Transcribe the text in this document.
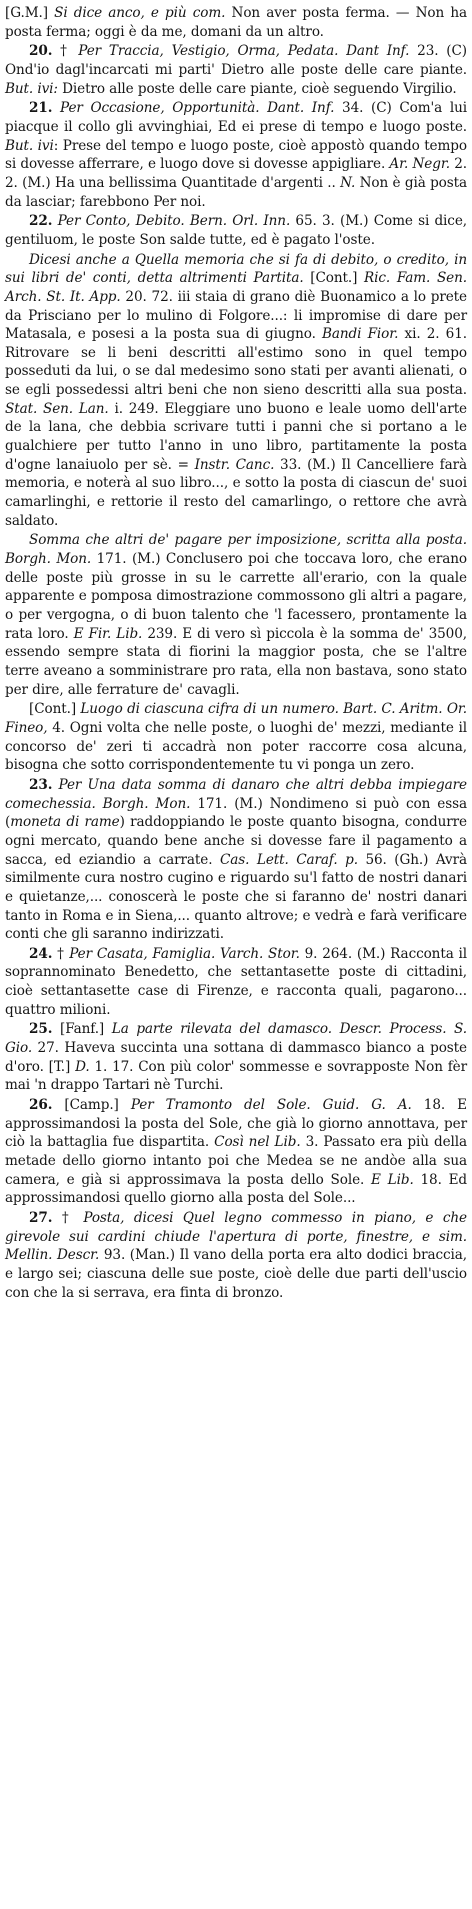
[G.M.] Si dice anco, e più com. Non aver posta ferma. — Non ha posta ferma; oggi è da me, domani da un altro.

20. † Per Traccia, Vestigio, Orma, Pedata. Dant Inf. 23. (C) Ond'io dagl'incarcati mi parti' Dietro alle poste delle care piante. But. ivi: Dietro alle poste delle care piante, cioè seguendo Virgilio.

21. Per Occasione, Opportunità. Dant. Inf. 34. (C) Com'a lui piacque il collo gli avvinghiai, Ed ei prese di tempo e luogo poste. But. ivi: Prese del tempo e luogo poste, cioè appostò quando tempo si dovesse afferrare, e luogo dove si dovesse appigliare. Ar. Negr. 2. 2. (M.) Ha una bellissima Quantitade d'argenti .. N. Non è già posta da lasciar; farebbono Per noi.

22. Per Conto, Debito. Bern. Orl. Inn. 65. 3. (M.) Come si dice, gentiluom, le poste Son salde tutte, ed è pagato l'oste.

Dicesi anche a Quella memoria che si fa di debito, o credito, in sui libri de' conti, detta altrimenti Partita. [Cont.] Ric. Fam. Sen. Arch. St. It. App. 20. 72. iii staia di grano diè Buonamico a lo prete da Prisciano per lo mulino di Folgore...: li impromise di dare per Matasala, e posesi a la posta sua di giugno. Bandi Fior. xi. 2. 61. Ritrovare se li beni descritti all'estimo sono in quel tempo posseduti da lui, o se dal medesimo sono stati per avanti alienati, o se egli possedessi altri beni che non sieno descritti alla sua posta. Stat. Sen. Lan. i. 249. Eleggiare uno buono e leale uomo dell'arte de la lana, che debbia scrivare tutti i panni che si portano a le gualchiere per tutto l'anno in uno libro, partitamente la posta d'ogne lanaiuolo per sè. = Instr. Canc. 33. (M.) Il Cancelliere farà memoria, e noterà al suo libro..., e sotto la posta di ciascun de' suoi camarlinghi, e rettorie il resto del camarlingo, o rettore che avrà saldato.

Somma che altri de' pagare per imposizione, scritta alla posta. Borgh. Mon. 171. (M.) Conclusero poi che toccava loro, che erano delle poste più grosse in su le carrette all'erario, con la quale apparente e pomposa dimostrazione commossono gli altri a pagare, o per vergogna, o di buon talento che 'l facessero, prontamente la rata loro. E Fir. Lib. 239. E di vero sì piccola è la somma de' 3500, essendo sempre stata di fiorini la maggior posta, che se l'altre terre aveano a somministrare pro rata, ella non bastava, sono stato per dire, alle ferrature de' cavagli.

[Cont.] Luogo di ciascuna cifra di un numero. Bart. C. Aritm. Or. Fineo, 4. Ogni volta che nelle poste, o luoghi de' mezzi, mediante il concorso de' zeri ti accadrà non poter raccorre cosa alcuna, bisogna che sotto corrispondentemente tu vi ponga un zero.

23. Per Una data somma di danaro che altri debba impiegare comechessia. Borgh. Mon. 171. (M.) Nondimeno si può con essa (moneta di rame) raddoppiando le poste quanto bisogna, condurre ogni mercato, quando bene anche si dovesse fare il pagamento a sacca, ed eziandio a carrate. Cas. Lett. Caraf. p. 56. (Gh.) Avrà similmente cura nostro cugino e riguardo su'l fatto de nostri danari e quietanze,... conoscerà le poste che si faranno de' nostri danari tanto in Roma e in Siena,... quanto altrove; e vedrà e farà verificare conti che gli saranno indirizzati.

24. † Per Casata, Famiglia. Varch. Stor. 9. 264. (M.) Racconta il soprannominato Benedetto, che settantasette poste di cittadini, cioè settantasette case di Firenze, e racconta quali, pagarono... quattro milioni.

25. [Fanf.] La parte rilevata del damasco. Descr. Process. S. Gio. 27. Haveva succinta una sottana di dammasco bianco a poste d'oro. [T.] D. 1. 17. Con più color' sommesse e sovrapposte Non fèr mai 'n drappo Tartari nè Turchi.

26. [Camp.] Per Tramonto del Sole. Guid. G. A. 18. E approssimandosi la posta del Sole, che già lo giorno annottava, per ciò la battaglia fue dispartita. Così nel Lib. 3. Passato era più della metade dello giorno intanto poi che Medea se ne andòe alla sua camera, e già si approssimava la posta dello Sole. E Lib. 18. Ed approssimandosi quello giorno alla posta del Sole...

27. † Posta, dicesi Quel legno commesso in piano, e che girevole sui cardini chiude l'apertura di porte, finestre, e sim. Mellin. Descr. 93. (Man.) Il vano della porta era alto dodici braccia, e largo sei; ciascuna delle sue poste, cioè delle due parti dell'uscio con che la si serrava, era finta di bronzo.
